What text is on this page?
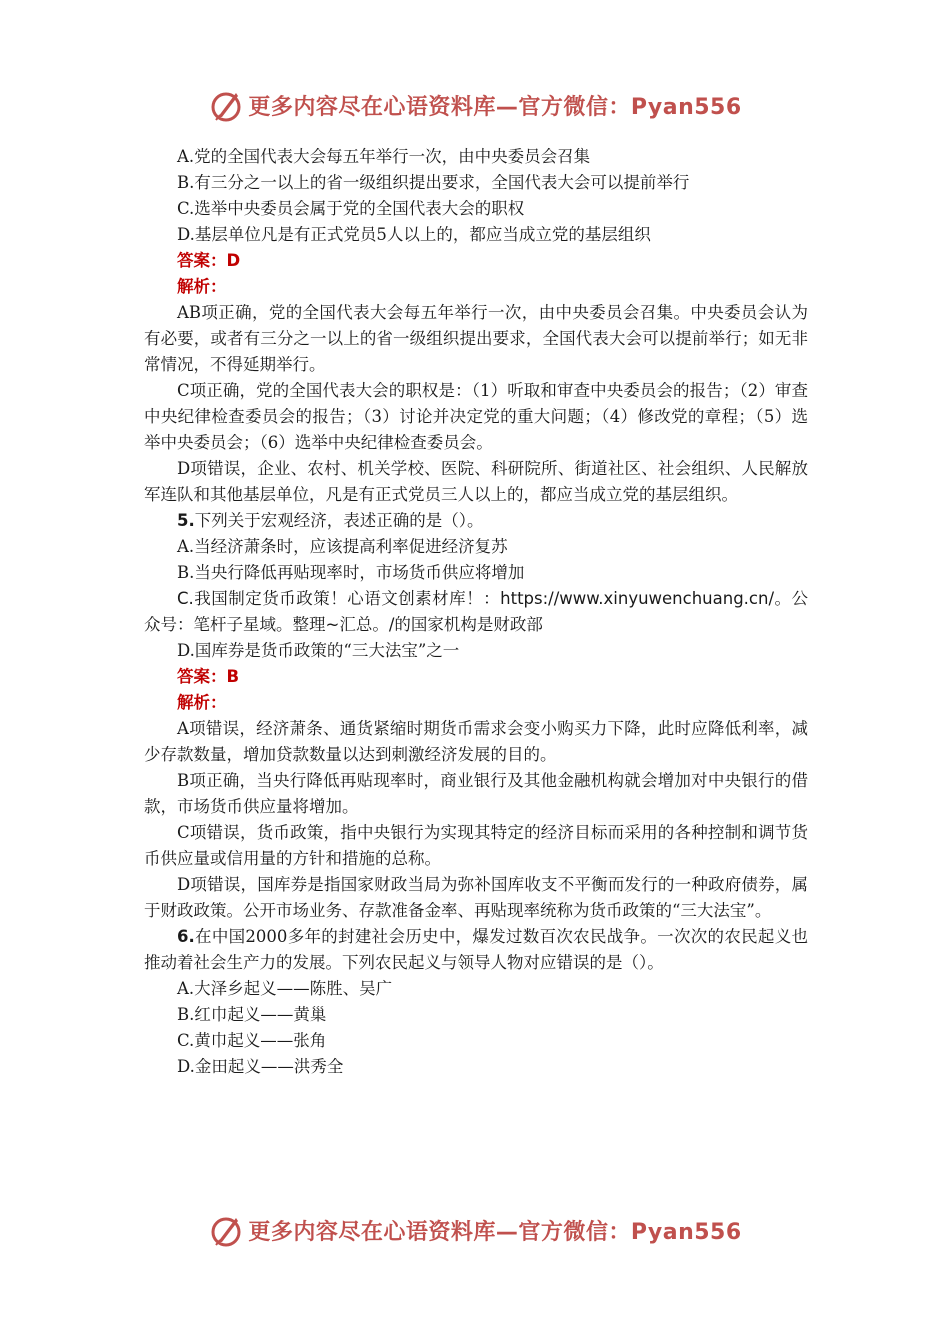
更多内容尽在心语资料库—官方微信：Pyan556

A.党的全国代表大会每五年举行一次，由中央委员会召集

B.有三分之一以上的省一级组织提出要求，全国代表大会可以提前举行

C.选举中央委员会属于党的全国代表大会的职权

D.基层单位凡是有正式党员5人以上的，都应当成立党的基层组织

答案：D

解析：

AB项正确，党的全国代表大会每五年举行一次，由中央委员会召集。中央委员会认为有必要，或者有三分之一以上的省一级组织提出要求，全国代表大会可以提前举行；如无非常情况，不得延期举行。

C项正确，党的全国代表大会的职权是：（1）听取和审查中央委员会的报告；（2）审查中央纪律检查委员会的报告；（3）讨论并决定党的重大问题；（4）修改党的章程；（5）选举中央委员会；（6）选举中央纪律检查委员会。

D项错误，企业、农村、机关学校、医院、科研院所、街道社区、社会组织、人民解放军连队和其他基层单位，凡是有正式党员三人以上的，都应当成立党的基层组织。

5.下列关于宏观经济，表述正确的是（）。

A.当经济萧条时，应该提高利率促进经济复苏

B.当央行降低再贴现率时，市场货币供应将增加

C.我国制定货币政策！心语文创素材库！：https://www.xinyuwenchuang.cn/。公众号：笔杆子星域。整理~汇总。/的国家机构是财政部

D.国库券是货币政策的“三大法宝”之一

答案：B

解析：

A项错误，经济萧条、通货紧缩时期货币需求会变小购买力下降，此时应降低利率，减少存款数量，增加贷款数量以达到刺激经济发展的目的。

B项正确，当央行降低再贴现率时，商业银行及其他金融机构就会增加对中央银行的借款，市场货币供应量将增加。

C项错误，货币政策，指中央银行为实现其特定的经济目标而采用的各种控制和调节货币供应量或信用量的方针和措施的总称。

D项错误，国库券是指国家财政当局为弥补国库收支不平衡而发行的一种政府债券，属于财政政策。公开市场业务、存款准备金率、再贴现率统称为货币政策的“三大法宝”。

6.在中国2000多年的封建社会历史中，爆发过数百次农民战争。一次次的农民起义也推动着社会生产力的发展。下列农民起义与领导人物对应错误的是（）。

A.大泽乡起义——陈胜、吴广

B.红巾起义——黄巢

C.黄巾起义——张角

D.金田起义——洪秀全

更多内容尽在心语资料库—官方微信：Pyan556
